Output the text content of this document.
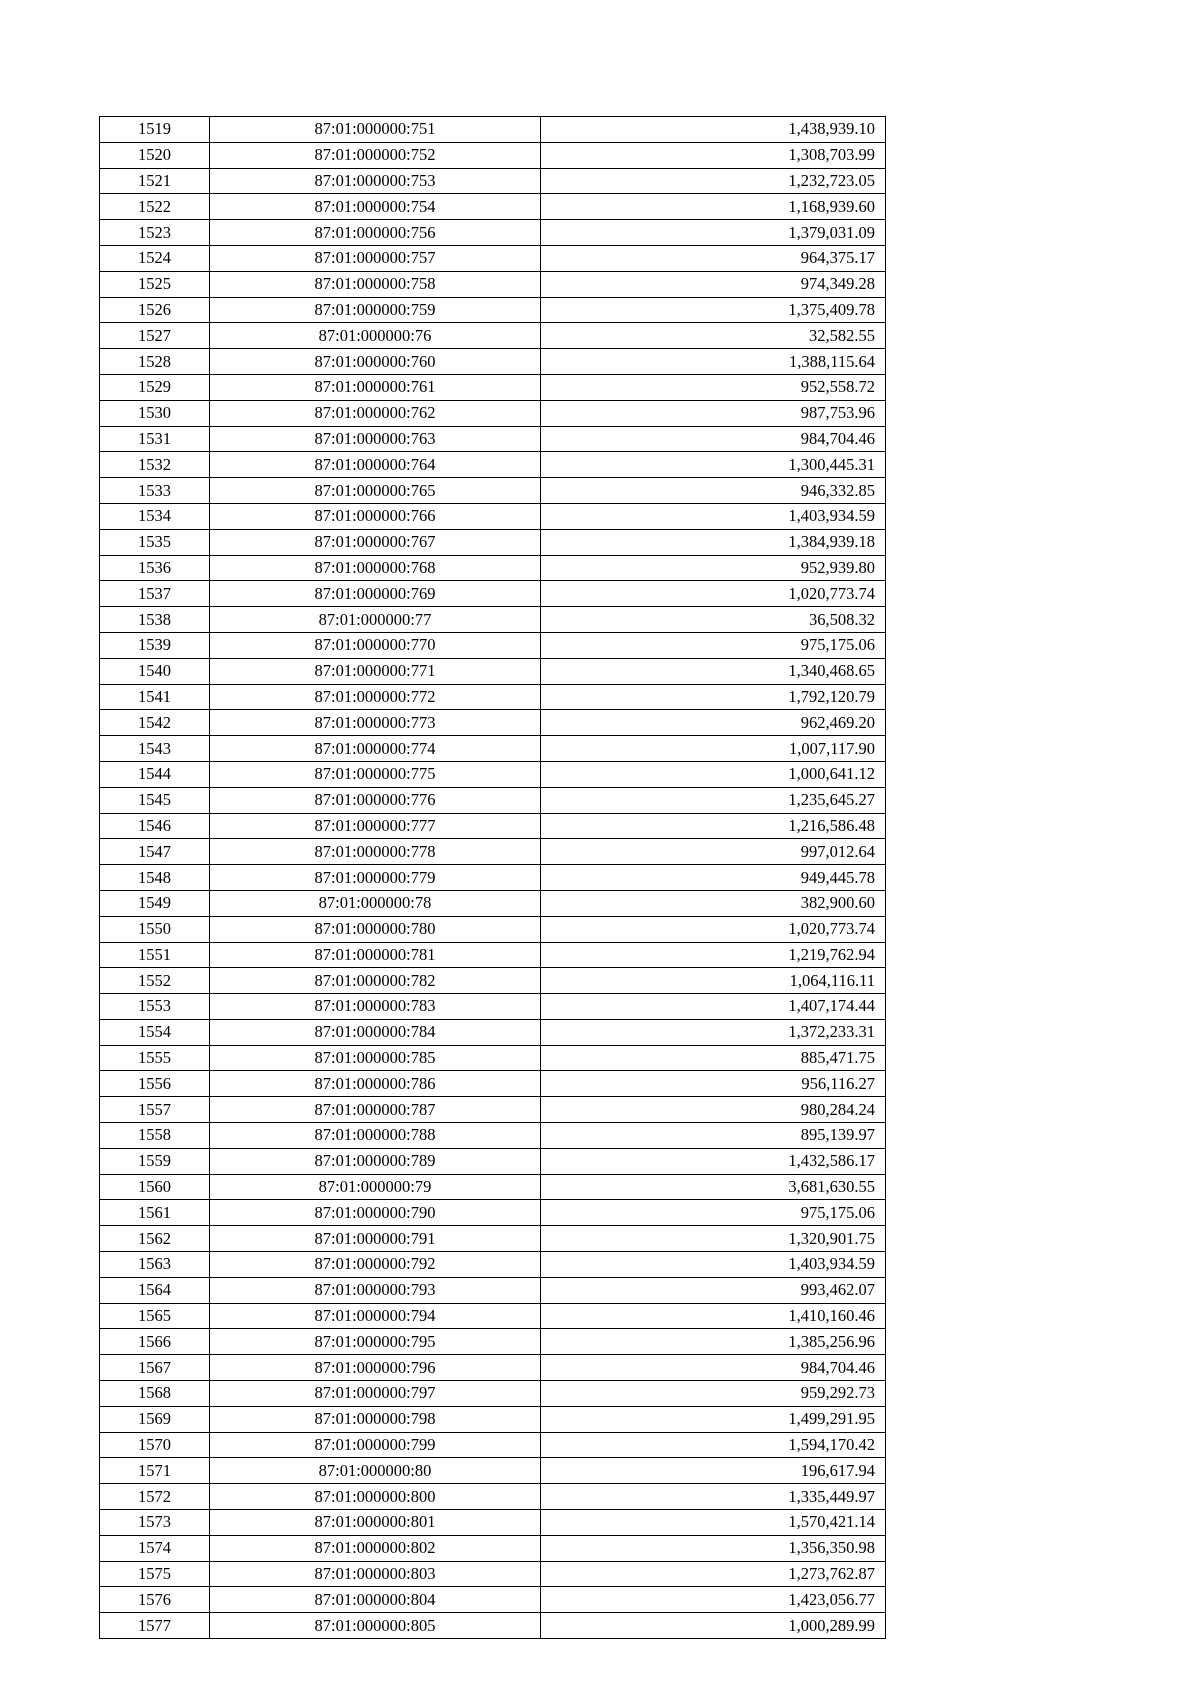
1519	87:01:000000:751	1,438,939.10
1520	87:01:000000:752	1,308,703.99
1521	87:01:000000:753	1,232,723.05
1522	87:01:000000:754	1,168,939.60
1523	87:01:000000:756	1,379,031.09
1524	87:01:000000:757	964,375.17
1525	87:01:000000:758	974,349.28
1526	87:01:000000:759	1,375,409.78
1527	87:01:000000:76	32,582.55
1528	87:01:000000:760	1,388,115.64
1529	87:01:000000:761	952,558.72
1530	87:01:000000:762	987,753.96
1531	87:01:000000:763	984,704.46
1532	87:01:000000:764	1,300,445.31
1533	87:01:000000:765	946,332.85
1534	87:01:000000:766	1,403,934.59
1535	87:01:000000:767	1,384,939.18
1536	87:01:000000:768	952,939.80
1537	87:01:000000:769	1,020,773.74
1538	87:01:000000:77	36,508.32
1539	87:01:000000:770	975,175.06
1540	87:01:000000:771	1,340,468.65
1541	87:01:000000:772	1,792,120.79
1542	87:01:000000:773	962,469.20
1543	87:01:000000:774	1,007,117.90
1544	87:01:000000:775	1,000,641.12
1545	87:01:000000:776	1,235,645.27
1546	87:01:000000:777	1,216,586.48
1547	87:01:000000:778	997,012.64
1548	87:01:000000:779	949,445.78
1549	87:01:000000:78	382,900.60
1550	87:01:000000:780	1,020,773.74
1551	87:01:000000:781	1,219,762.94
1552	87:01:000000:782	1,064,116.11
1553	87:01:000000:783	1,407,174.44
1554	87:01:000000:784	1,372,233.31
1555	87:01:000000:785	885,471.75
1556	87:01:000000:786	956,116.27
1557	87:01:000000:787	980,284.24
1558	87:01:000000:788	895,139.97
1559	87:01:000000:789	1,432,586.17
1560	87:01:000000:79	3,681,630.55
1561	87:01:000000:790	975,175.06
1562	87:01:000000:791	1,320,901.75
1563	87:01:000000:792	1,403,934.59
1564	87:01:000000:793	993,462.07
1565	87:01:000000:794	1,410,160.46
1566	87:01:000000:795	1,385,256.96
1567	87:01:000000:796	984,704.46
1568	87:01:000000:797	959,292.73
1569	87:01:000000:798	1,499,291.95
1570	87:01:000000:799	1,594,170.42
1571	87:01:000000:80	196,617.94
1572	87:01:000000:800	1,335,449.97
1573	87:01:000000:801	1,570,421.14
1574	87:01:000000:802	1,356,350.98
1575	87:01:000000:803	1,273,762.87
1576	87:01:000000:804	1,423,056.77
1577	87:01:000000:805	1,000,289.99
